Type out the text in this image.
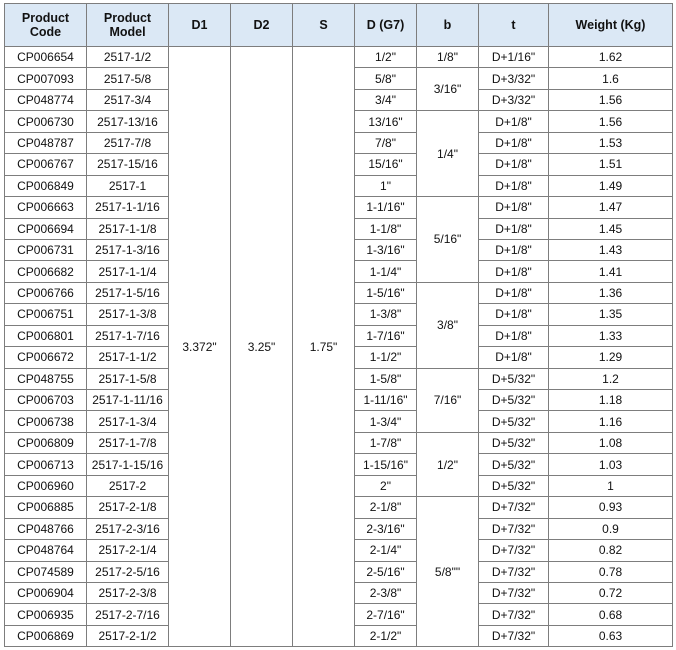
Product Code	Product Model	D1	D2	S	D (G7)	b	t	Weight (Kg)
CP006654	2517-1/2	3.372"	3.25"	1.75"	1/2"	1/8"	D+1/16"	1.62
CP007093	2517-5/8				5/8"	3/16"	D+3/32"	1.6
CP048774	2517-3/4				3/4"		D+3/32"	1.56
CP006730	2517-13/16				13/16"	1/4"	D+1/8"	1.56
CP048787	2517-7/8				7/8"		D+1/8"	1.53
CP006767	2517-15/16				15/16"		D+1/8"	1.51
CP006849	2517-1				1"		D+1/8"	1.49
CP006663	2517-1-1/16				1-1/16"	5/16"	D+1/8"	1.47
CP006694	2517-1-1/8				1-1/8"		D+1/8"	1.45
CP006731	2517-1-3/16				1-3/16"		D+1/8"	1.43
CP006682	2517-1-1/4				1-1/4"		D+1/8"	1.41
CP006766	2517-1-5/16				1-5/16"	3/8"	D+1/8"	1.36
CP006751	2517-1-3/8				1-3/8"		D+1/8"	1.35
CP006801	2517-1-7/16				1-7/16"		D+1/8"	1.33
CP006672	2517-1-1/2				1-1/2"		D+1/8"	1.29
CP048755	2517-1-5/8				1-5/8"	7/16"	D+5/32"	1.2
CP006703	2517-1-11/16				1-11/16"		D+5/32"	1.18
CP006738	2517-1-3/4				1-3/4"		D+5/32"	1.16
CP006809	2517-1-7/8				1-7/8"	1/2"	D+5/32"	1.08
CP006713	2517-1-15/16				1-15/16"		D+5/32"	1.03
CP006960	2517-2				2"		D+5/32"	1
CP006885	2517-2-1/8				2-1/8"	5/8""	D+7/32"	0.93
CP048766	2517-2-3/16				2-3/16"		D+7/32"	0.9
CP048764	2517-2-1/4				2-1/4"		D+7/32"	0.82
CP074589	2517-2-5/16				2-5/16"		D+7/32"	0.78
CP006904	2517-2-3/8				2-3/8"		D+7/32"	0.72
CP006935	2517-2-7/16				2-7/16"		D+7/32"	0.68
CP006869	2517-2-1/2				2-1/2"		D+7/32"	0.63
